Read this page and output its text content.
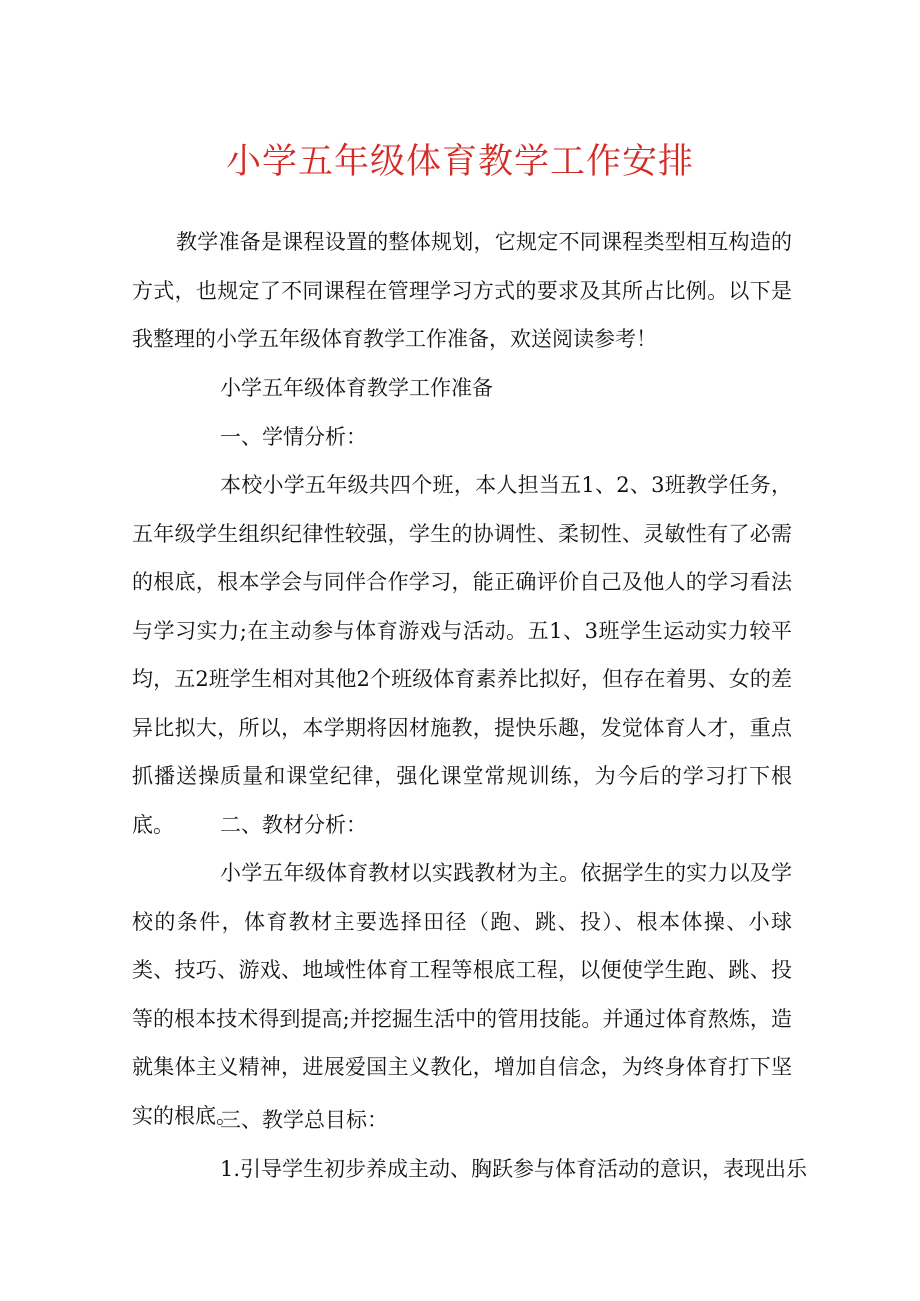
小学五年级体育教学工作安排

教学准备是课程设置的整体规划，它规定不同课程类型相互构造的方式，也规定了不同课程在管理学习方式的要求及其所占比例。以下是我整理的小学五年级体育教学工作准备，欢送阅读参考！

小学五年级体育教学工作准备

一、学情分析：

本校小学五年级共四个班，本人担当五1、2、3班教学任务，五年级学生组织纪律性较强，学生的协调性、柔韧性、灵敏性有了必需的根底，根本学会与同伴合作学习，能正确评价自己及他人的学习看法与学习实力;在主动参与体育游戏与活动。五1、3班学生运动实力较平均，五2班学生相对其他2个班级体育素养比拟好，但存在着男、女的差异比拟大，所以，本学期将因材施教，提快乐趣，发觉体育人才，重点抓播送操质量和课堂纪律，强化课堂常规训练，为今后的学习打下根底。	二、教材分析：

小学五年级体育教材以实践教材为主。依据学生的实力以及学校的条件，体育教材主要选择田径（跑、跳、投）、根本体操、小球类、技巧、游戏、地域性体育工程等根底工程，以便使学生跑、跳、投等的根本技术得到提高;并挖掘生活中的管用技能。并通过体育熬炼，造就集体主义精神，进展爱国主义教化，增加自信念，为终身体育打下坚实的根底。

三、教学总目标：

1.引导学生初步养成主动、胸跃参与体育活动的意识，表现出乐
